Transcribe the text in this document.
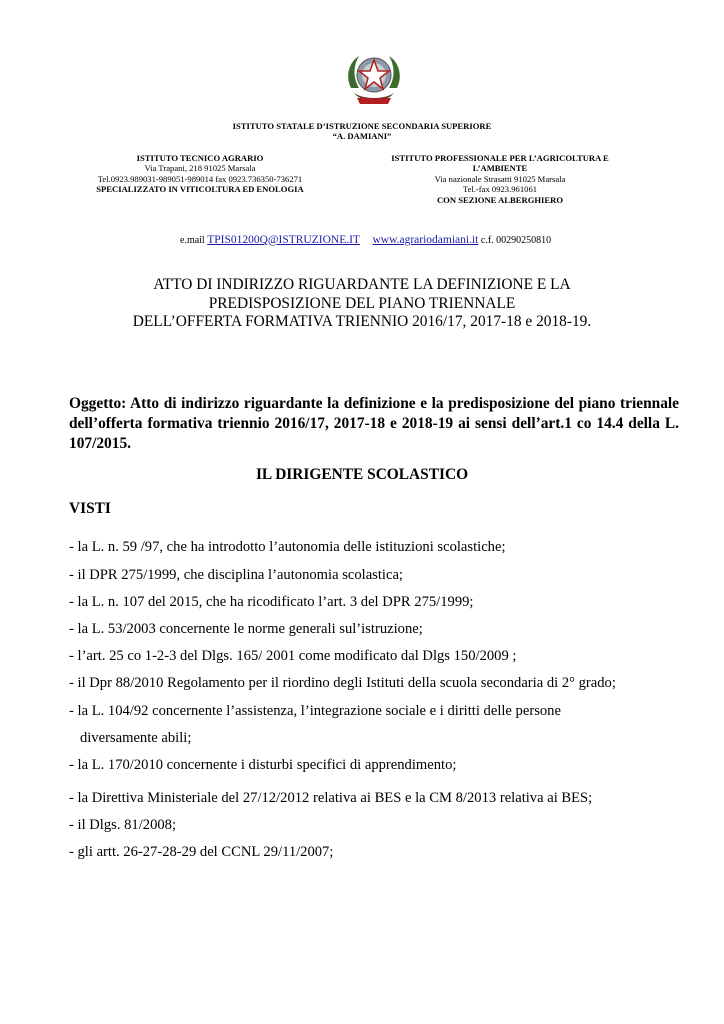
ISTITUTO STATALE D’ISTRUZIONE SECONDARIA SUPERIORE
“A. DAMIANI”
ISTITUTO TECNICO AGRARIO
Via Trapani, 218 91025 Marsala
Tel.0923.989031-989051-989014 fax 0923.736350-736271
SPECIALIZZATO IN VITICOLTURA ED ENOLOGIA
ISTITUTO PROFESSIONALE PER L’AGRICOLTURA E
L’AMBIENTE
Via nazionale Strasatti 91025 Marsala
Tel.-fax 0923.961061
CON SEZIONE ALBERGHIERO
e.mail TPIS01200Q@ISTRUZIONE.IT www.agrariodamiani.it c.f. 00290250810
ATTO DI INDIRIZZO RIGUARDANTE LA DEFINIZIONE E LA
PREDISPOSIZIONE DEL PIANO TRIENNALE
DELL’OFFERTA FORMATIVA TRIENNIO 2016/17, 2017-18 e 2018-19.
Oggetto: Atto di indirizzo riguardante la definizione e la predisposizione del piano triennale dell’offerta formativa triennio 2016/17, 2017-18 e 2018-19 ai sensi dell’art.1 co 14.4 della L. 107/2015.
IL DIRIGENTE SCOLASTICO
VISTI
- la L. n. 59 /97, che ha introdotto l’autonomia delle istituzioni scolastiche;
- il DPR 275/1999, che disciplina l’autonomia scolastica;
- la L. n. 107 del 2015, che ha ricodificato l’art. 3 del DPR 275/1999;
- la L. 53/2003 concernente le norme generali sul’istruzione;
- l’art. 25 co 1-2-3 del Dlgs. 165/ 2001 come modificato dal Dlgs 150/2009 ;
- il Dpr 88/2010 Regolamento per il riordino degli Istituti della scuola secondaria di 2° grado;
- la L. 104/92 concernente l’assistenza, l’integrazione sociale e i diritti delle persone
diversamente abili;
- la L. 170/2010 concernente i disturbi specifici di apprendimento;
- la Direttiva Ministeriale del 27/12/2012 relativa ai BES e la CM 8/2013 relativa ai BES;
- il Dlgs. 81/2008;
- gli artt. 26-27-28-29 del CCNL 29/11/2007;
